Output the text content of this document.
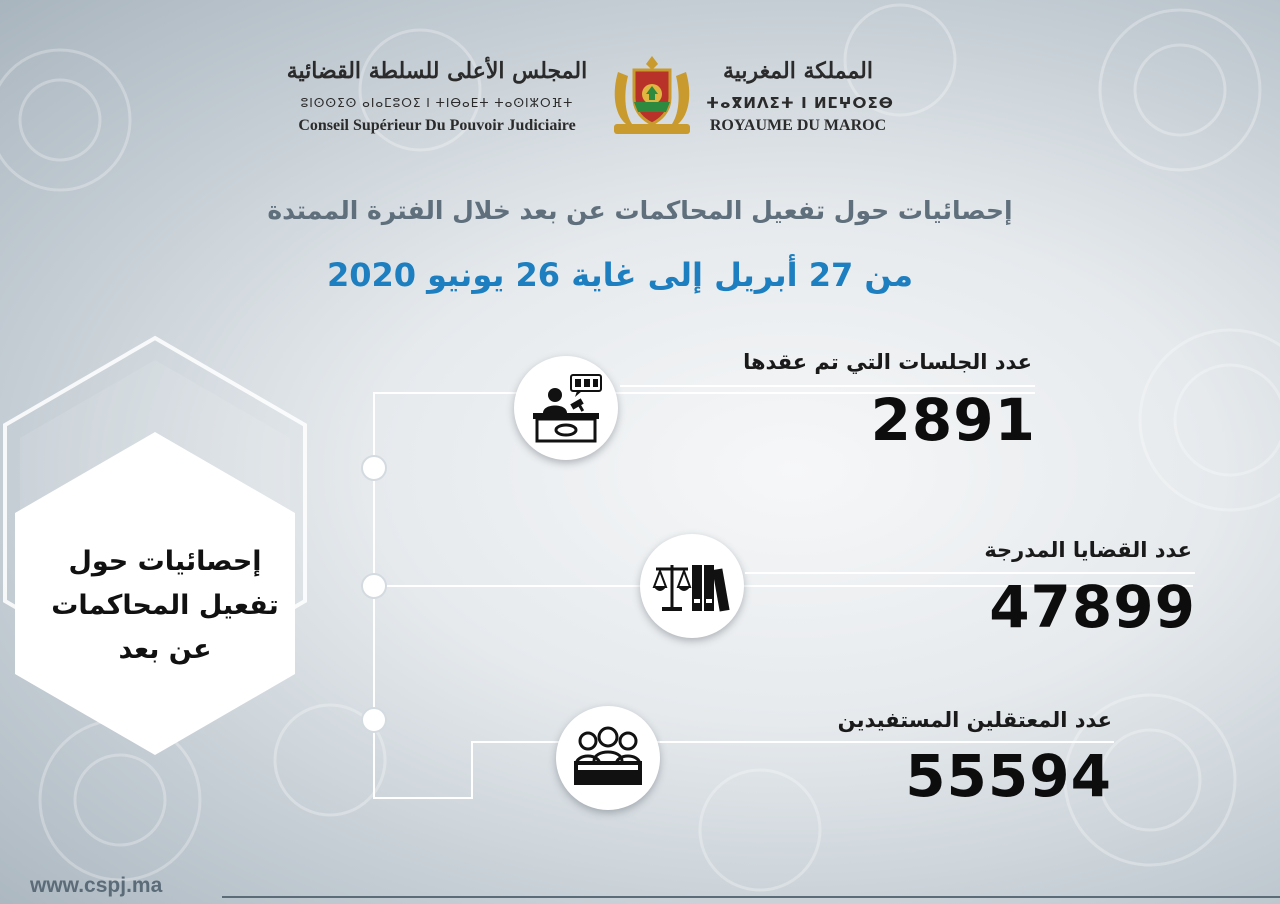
المجلس الأعلى للسلطة القضائية
ⵓⵏⵙⵙⵉⵙ ⴰⵏⴰⵎⵓⵔⵉ ⵏ ⵜⵏⴱⴰⴹⵜ ⵜⴰⵙⵏⵣⵔⴼⵜ
Conseil Supérieur Du Pouvoir Judiciaire
المملكة المغربية
ⵜⴰⴳⵍⴷⵉⵜ ⵏ ⵍⵎⵖⵔⵉⴱ
ROYAUME DU MAROC
إحصائيات حول تفعيل المحاكمات عن بعد خلال الفترة الممتدة
من 27 أبريل إلى غاية 26 يونيو 2020
إحصائيات حول
تفعيل المحاكمات
عن بعد
عدد الجلسات التي تم عقدها
2891
عدد القضايا المدرجة
47899
عدد المعتقلين المستفيدين
55594
www.cspj.ma
